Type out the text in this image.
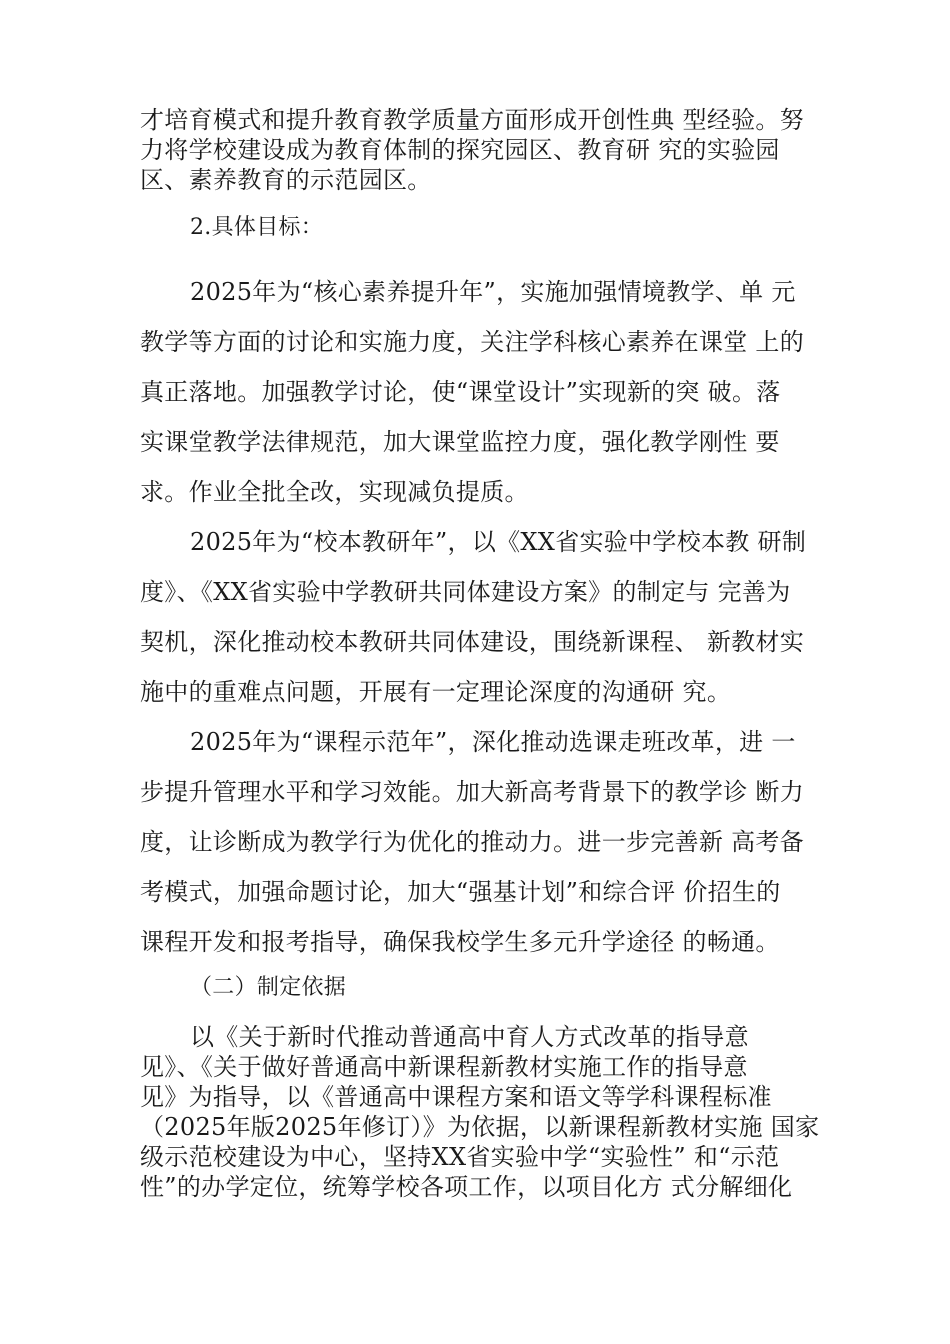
才培育模式和提升教育教学质量方面形成开创性典 型经验。努
力将学校建设成为教育体制的探究园区、教育研 究的实验园
区、素养教育的示范园区。
2.具体目标：
2025年为“核心素养提升年”，实施加强情境教学、单 元
教学等方面的讨论和实施力度，关注学科核心素养在课堂 上的
真正落地。加强教学讨论，使“课堂设计”实现新的突 破。落
实课堂教学法律规范，加大课堂监控力度，强化教学刚性 要
求。作业全批全改，实现减负提质。
2025年为“校本教研年”，以《XX省实验中学校本教 研制
度》、《XX省实验中学教研共同体建设方案》的制定与 完善为
契机，深化推动校本教研共同体建设，围绕新课程、 新教材实
施中的重难点问题，开展有一定理论深度的沟通研 究。
2025年为“课程示范年”，深化推动选课走班改革，进 一
步提升管理水平和学习效能。加大新高考背景下的教学诊 断力
度，让诊断成为教学行为优化的推动力。进一步完善新 高考备
考模式，加强命题讨论，加大“强基计划”和综合评 价招生的
课程开发和报考指导，确保我校学生多元升学途径 的畅通。
（二）制定依据
以《关于新时代推动普通高中育人方式改革的指导意
见》、《关于做好普通高中新课程新教材实施工作的指导意
见》为指导，以《普通高中课程方案和语文等学科课程标准
（2025年版2025年修订）》为依据，以新课程新教材实施 国家
级示范校建设为中心，坚持XX省实验中学“实验性” 和“示范
性”的办学定位，统筹学校各项工作，以项目化方 式分解细化
